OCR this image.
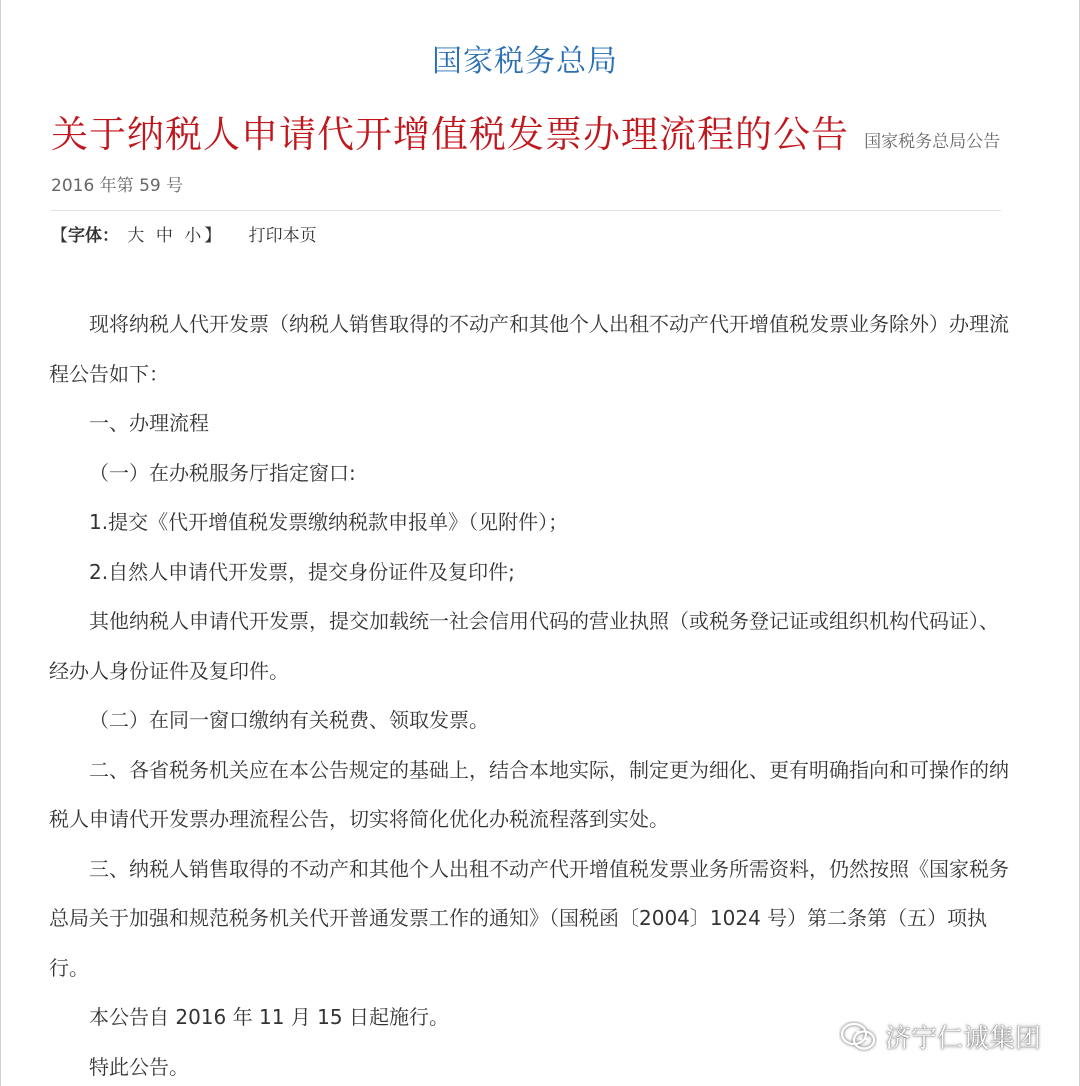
国家税务总局
关于纳税人申请代开增值税发票办理流程的公告 国家税务总局公告
2016 年第 59 号
【字体： 大 中 小 】 打印本页

现将纳税人代开发票（纳税人销售取得的不动产和其他个人出租不动产代开增值税发票业务除外）办理流程公告如下：

一、办理流程

（一）在办税服务厅指定窗口:

1.提交《代开增值税发票缴纳税款申报单》（见附件）；

2.自然人申请代开发票，提交身份证件及复印件;

其他纳税人申请代开发票，提交加载统一社会信用代码的营业执照（或税务登记证或组织机构代码证）、经办人身份证件及复印件。

（二）在同一窗口缴纳有关税费、领取发票。

二、各省税务机关应在本公告规定的基础上，结合本地实际，制定更为细化、更有明确指向和可操作的纳税人申请代开发票办理流程公告，切实将简化优化办税流程落到实处。

三、纳税人销售取得的不动产和其他个人出租不动产代开增值税发票业务所需资料，仍然按照《国家税务总局关于加强和规范税务机关代开普通发票工作的通知》（国税函〔2004〕1024 号）第二条第（五）项执行。

本公告自 2016 年 11 月 15 日起施行。

特此公告。

济宁仁诚集团
